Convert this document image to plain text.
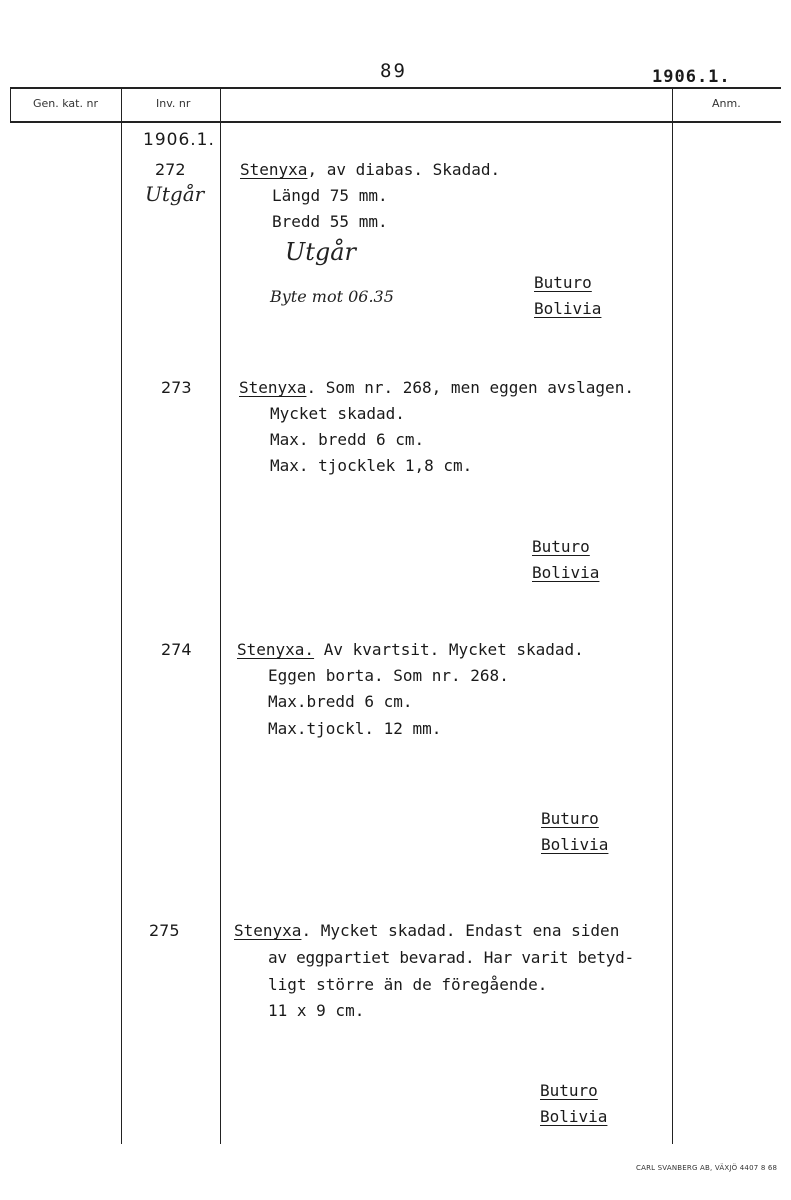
89	1906.1.
Gen. kat. nr	Inv. nr	Anm.
1906.1.
272
Utgår
Stenyxa, av diabas. Skadad.
Längd 75 mm.
Bredd 55 mm.
Utgår
Byte mot 06.35
Buturo
Bolivia
273	Stenyxa. Som nr. 268, men eggen avslagen.
Mycket skadad.
Max. bredd 6 cm.
Max. tjocklek 1,8 cm.
Buturo
Bolivia
274	Stenyxa. Av kvartsit. Mycket skadad.
Eggen borta. Som nr. 268.
Max.bredd 6 cm.
Max.tjockl. 12 mm.
Buturo
Bolivia
275	Stenyxa. Mycket skadad. Endast ena siden
av eggpartiet bevarad. Har varit betyd-
ligt större än de föregående.
11 x 9 cm.
Buturo
Bolivia
CARL SVANBERG AB, VÄXJÖ 4407 8 68
